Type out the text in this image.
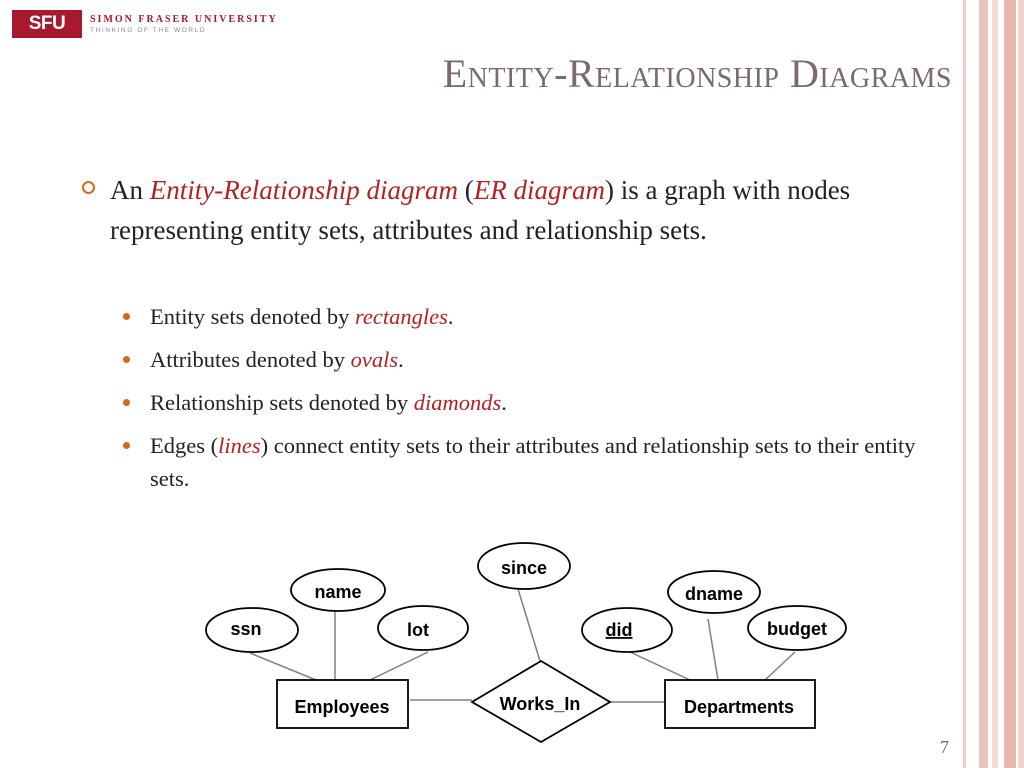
SFU	SIMON FRASER UNIVERSITY
THINKING OF THE WORLD
Entity-Relationship Diagrams
An Entity-Relationship diagram (ER diagram) is a graph with nodes representing entity sets, attributes and relationship sets.
Entity sets denoted by rectangles.
Attributes denoted by ovals.
Relationship sets denoted by diamonds.
Edges (lines) connect entity sets to their attributes and relationship sets to their entity sets.
since
name	dname
ssn	lot	did	budget
Employees	Departments
Works_In
7
